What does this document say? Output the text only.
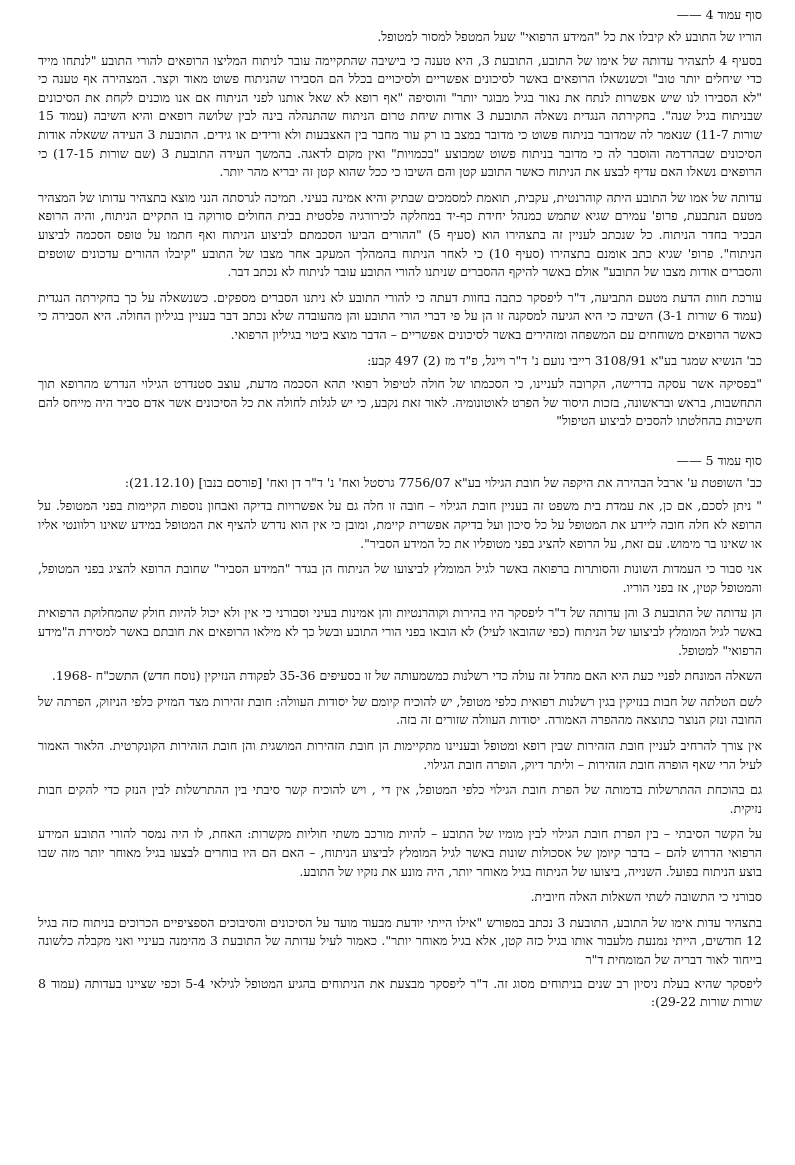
סוף עמוד 4 ——
הוריו של התובע לא קיבלו את כל "המידע הרפואי" שעל המטפל למסור למטופל.
בסעיף 4 לתצהיר עדותה של אימו של התובע, התובעת 3, היא טענה כי בישיבה שהתקיימה עובר לניתוח המליצו הרופאים להורי התובע "לנתחו מייד כדי שיחלים יותר טוב" וכשנשאלו הרופאים באשר לסיכונים אפשריים ולסיכויים בכלל הם הסבירו שהניתוח פשוט מאוד וקצר. המצהירה אף טענה כי "לא הסבירו לנו שיש אפשרות לנתח את נאור בגיל מבוגר יותר" והוסיפה "אף רופא לא שאל אותנו לפני הניתוח אם אנו מוכנים לקחת את הסיכונים שבניתוח בגיל שנה". בחקירתה הנגדית נשאלה התובעת 3 אודות שיחת טרום הניתוח שהתנהלה בינה לבין שלושה רופאים והיא השיבה (עמוד 15 שורות 11-7) שנאמר לה שמדובר בניתוח פשוט כי מדובר במצב בו רק עור מחבר בין האצבעות ולא ורידים או גידים. התובעת 3 העידה ששאלה אודות הסיכונים שבהרדמה והוסבר לה כי מדובר בניתוח פשוט שמבוצע "בכמויות" ואין מקום לדאגה. בהמשך העידה התובעת 3 (שם שורות 17-15) כי הרופאים נשאלו האם עדיף לבצע את הניתוח כאשר התובע קטן והם השיבו כי ככל שהוא קטן זה יבריא מהר יותר.
עדותה של אמו של התובע היתה קוהרנטית, עקבית, תואמת למסמכים שבתיק והיא אמינה בעיני. תמיכה לגרסתה הנני מוצא בתצהיר עדותו של המצהיר מטעם הנתבעת, פרופ' עמירם שגיא שתמש כמנהל יחידת כף-יד במחלקה לכירורגיה פלסטית בבית החולים סורוקה בו התקיים הניתוח, והיה הרופא הבכיר בחדר הניתוח. כל שנכתב לעניין זה בתצהירו הוא (סעיף 5) "ההורים הביעו הסכמתם לביצוע הניתוח ואף חתמו על טופס הסכמה לביצוע הניתוח". פרופ' שגיא כתב אומנם בתצהירו (סעיף 10) כי לאחר הניתוח בהמהלך המעקב אחר מצבו של התובע "קיבלו ההורים עדכונים שוטפים והסברים אודות מצבו של התובע" אולם באשר להיקף ההסברים שניתנו להורי התובע עובר לניתוח לא נכתב דבר.
עורכת חוות הדעת מטעם התביעה, ד"ר ליפסקר כתבה בחוות דעתה כי להורי התובע לא ניתנו הסברים מספקים. כשנשאלה על כך בחקירתה הנגדית (עמוד 6 שורות 3-1) השיבה כי היא הגיעה למסקנה זו הן על פי דברי הורי התובע והן מהעובדה שלא נכתב דבר בעניין בגיליון החולה. היא הסבירה כי כאשר הרופאים משוחחים עם המשפחה ומזהירים באשר לסיכונים אפשריים – הדבר מוצא ביטוי בגיליון הרפואי.
כב' הנשיא שמגר בע"א 3108/91 רייבי נועם נ' ד"ר וייגל, פ"ד מז (2) 497 קבע:
"בפסיקה אשר עסקה בדרישה, הקרובה לעניינו, כי הסכמתו של חולה לטיפול רפואי תהא הסכמה מדעת, עוצב סטנדרט הגילוי הנדרש מהרופא תוך התחשבות, בראש ובראשונה, בזכות היסוד של הפרט לאוטונומיה. לאור זאת נקבע, כי יש לגלות לחולה את כל הסיכונים אשר אדם סביר היה מייחס להם חשיבות בהחלטתו להסכים לביצוע הטיפול"
סוף עמוד 5 ——
כב' השופטת ע' ארבל הבהירה את היקפה של חובת הגילוי בע"א 7756/07 גרסטל ואח' נ' ד"ר דן ואח' [פורסם בנבו] (21.12.10):
" ניתן לסכם, אם כן, את עמדת בית משפט זה בעניין חובת הגילוי – חובה זו חלה גם על אפשרויות בדיקה ואבחון נוספות הקיימות בפני המטופל. על הרופא לא חלה חובה ליידע את המטופל על כל סיכון ועל בדיקה אפשרית קיימת, ומובן כי אין הוא נדרש להציף את המטופל במידע שאינו רלוונטי אליו או שאינו בר מימוש. עם זאת, על הרופא להציג בפני מטופליו את כל המידע הסביר".
אני סבור כי העמדות השונות והסותרות ברפואה באשר לגיל המומלץ לביצועו של הניתוח הן בגדר "המידע הסביר" שחובת הרופא להציג בפני המטופל, והמטופל קטין, אז בפני הוריו.
הן עדותה של התובעת 3 והן עדותה של ד"ר ליפסקר היו בהירות וקוהרנטיות והן אמינות בעיני וסבורני כי אין ולא יכול להיות חולק שהמחלוקת הרפואית באשר לגיל המומלץ לביצועו של הניתוח (כפי שהובאו לעיל) לא הובאו בפני הורי התובע ובשל כך לא מילאו הרופאים את חובתם באשר למסירת ה"מידע הרפואי" למטופל.
השאלה המונחת לפניי כעת היא האם מחדל זה עולה כדי רשלנות כמשמעותה של זו בסעיפים 35-36 לפקודת הנזיקין (נוסח חדש) התשכ"ח -1968.
לשם הטלתה של חבות בנזיקין בגין רשלנות רפואית כלפי מטופל, יש להוכיח קיומם של יסודות העוולה: חובת זהירות מצד המזיק כלפי הניזוק, הפרתה של החובה ונזק הנוצר כתוצאה מההפרה האמורה. יסודות העוולה שזורים זה בזה.
אין צורך להרחיב לעניין חובת הזהירות שבין רופא ומטופל ובעניינו מתקיימות הן חובת הזהירות המושגית והן חובת הזהירות הקונקרטית. הלאור האמור לעיל הרי שאף הופרה חובת הזהירות – וליתר דיוק, הופרה חובת הגילוי.
גם בהוכחת ההתרשלות בדמותה של הפרת חובת הגילוי כלפי המטופל, אין די , ויש להוכיח קשר סיבתי בין ההתרשלות לבין הנזק כדי להקים חבות נזיקית.
על הקשר הסיבתי – בין הפרת חובת הגילוי לבין מומיו של התובע – להיות מורכב משתי חוליות מקשרות: האחת, לו היה נמסר להורי התובע המידע הרפואי הדרוש להם – בדבר קיומן של אסכולות שונות באשר לגיל המומלץ לביצוע הניתוח, – האם הם היו בוחרים לבצעו בגיל מאוחר יותר מזה שבו בוצע הניתוח בפועל. השנייה, ביצועו של הניתוח בגיל מאוחר יותר, היה מונע את נזקיו של התובע.
סבורני כי התשובה לשתי השאלות האלה חיובית.
בתצהיר עדות אימו של התובע, התובעת 3 נכתב במפורש "אילו הייתי יודעת מבעוד מועד על הסיכונים והסיבוכים הספציפיים הכרוכים בניתוח כזה בגיל 12 חודשים, הייתי נמנעת מלעבור אותו בגיל כזה קטן, אלא בגיל מאוחר יותר". כאמור לעיל עדותה של התובעת 3 מהימנה בעיניי ואני מקבלה כלשונה בייחוד לאור דבריה של המומחית ד"ר
ליפסקר שהיא בעלת ניסיון רב שנים בניתוחים מסוג זה. ד"ר ליפסקר מבצעת את הניתוחים בהגיע המטופל לגילאי 5-4 וכפי שציינו בעדותה (עמוד 8 שורות שורות 29-22):
